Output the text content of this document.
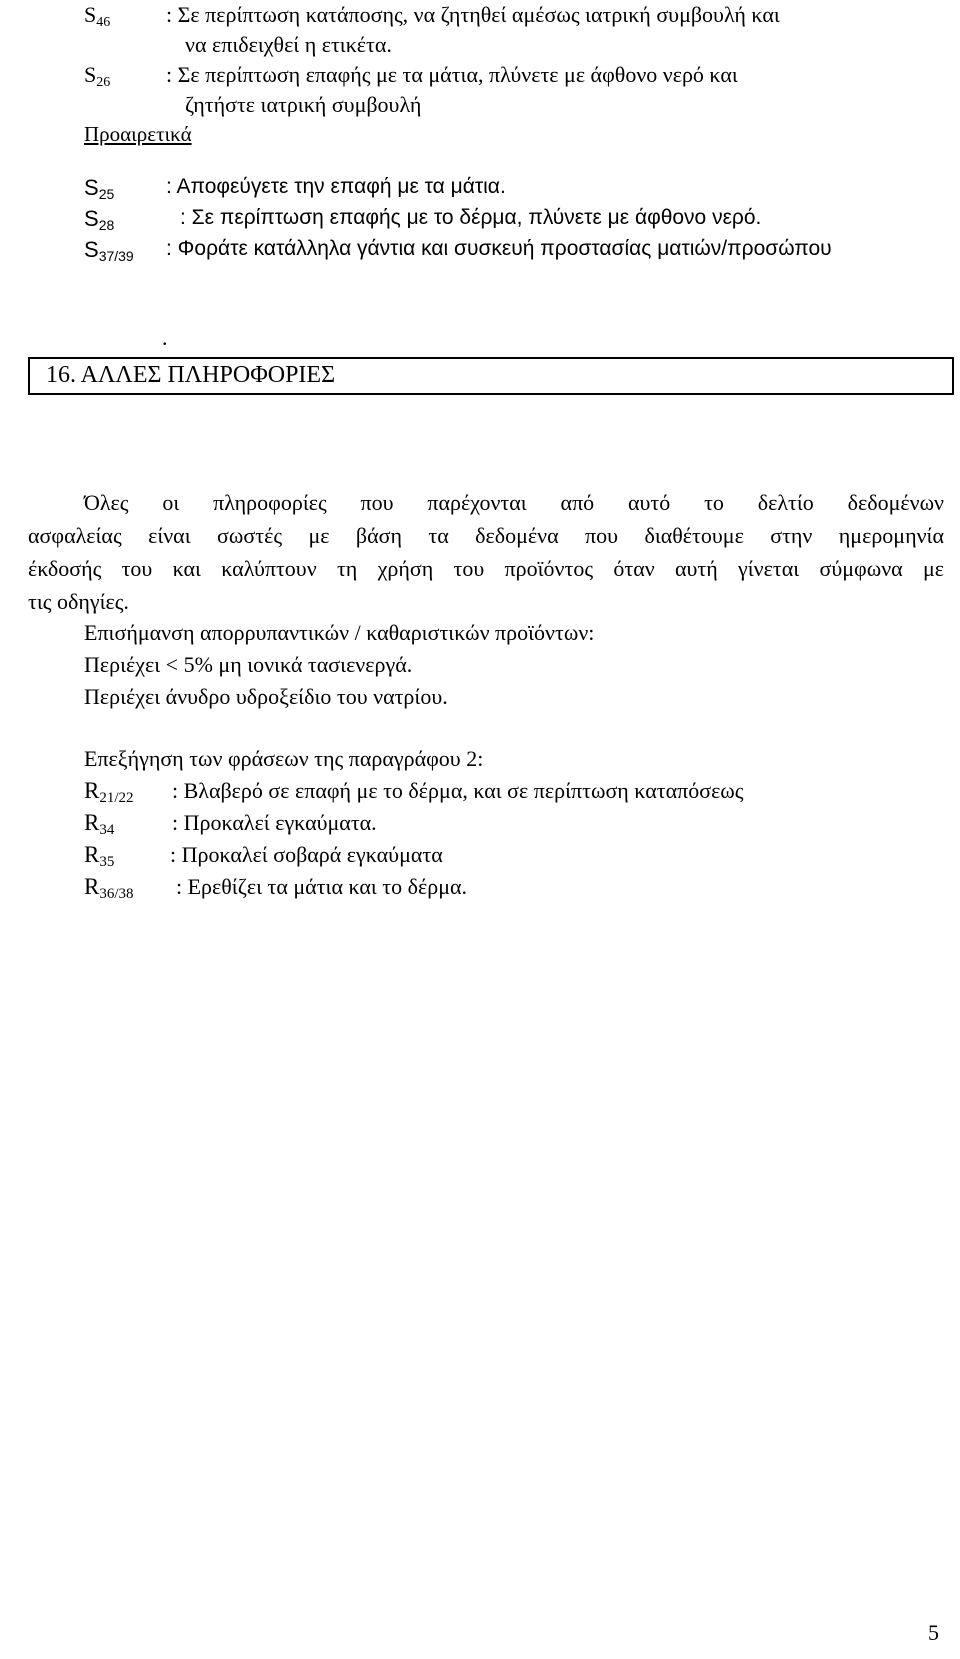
$S_{46}$	: Σε περίπτωση κατάποσης, να ζητηθεί αμέσως ιατρική συμβουλή και
να επιδειχθεί η ετικέτα.
$S_{26}$	: Σε περίπτωση επαφής με τα μάτια, πλύνετε με άφθονο νερό και
ζητήστε ιατρική συμβουλή
Προαιρετικά
$S_{25}$ : Αποφεύγετε την επαφή με τα μάτια.
$S_{28}$	: Σε περίπτωση επαφής με το δέρμα, πλύνετε με άφθονο νερό.
$S_{37/39}$ : Φοράτε κατάλληλα γάντια και συσκευή προστασίας ματιών/προσώπου
.
16. ΑΛΛΕΣ ΠΛΗΡΟΦΟΡΙΕΣ
Όλες οι πληροφορίες που παρέχονται από αυτό το δελτίο δεδομένων
ασφαλείας είναι σωστές με βάση τα δεδομένα που διαθέτουμε στην ημερομηνία
έκδοσής του και καλύπτουν τη χρήση του προϊόντος όταν αυτή γίνεται σύμφωνα με
τις οδηγίες.
Επισήμανση απορρυπαντικών / καθαριστικών προϊόντων:
Περιέχει < 5% μη ιονικά τασιενεργά.
Περιέχει άνυδρο υδροξείδιο του νατρίου.
Επεξήγηση των φράσεων της παραγράφου 2:
$R_{21/22}$ : Βλαβερό σε επαφή με το δέρμα, και σε περίπτωση καταπόσεως
$R_{34}$	: Προκαλεί εγκαύματα.
$R_{35}$	: Προκαλεί σοβαρά εγκαύματα
$R_{36/38}$ : Ερεθίζει τα μάτια και το δέρμα.
5
